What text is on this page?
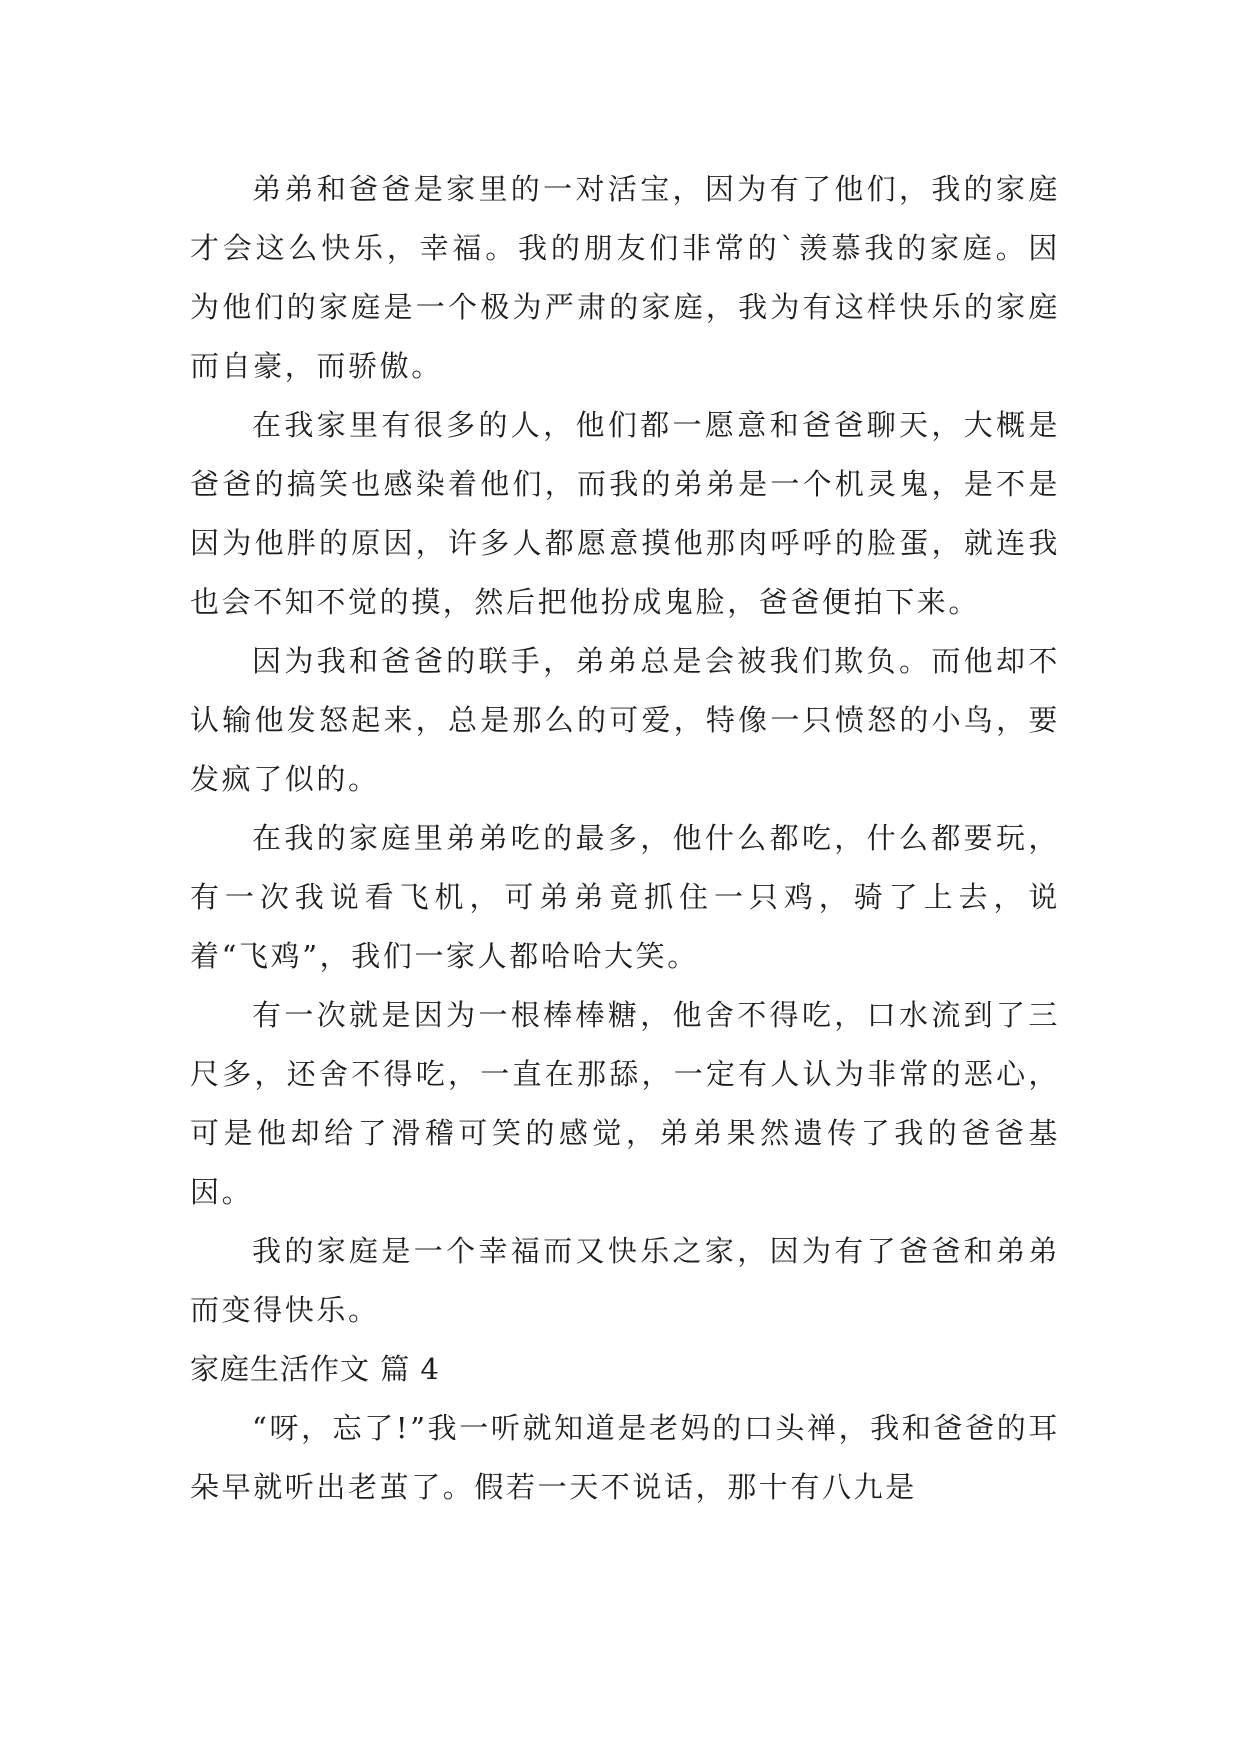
弟弟和爸爸是家里的一对活宝，因为有了他们，我的家庭才会这么快乐，幸福。我的朋友们非常的`羡慕我的家庭。因为他们的家庭是一个极为严肃的家庭，我为有这样快乐的家庭而自豪，而骄傲。

在我家里有很多的人，他们都一愿意和爸爸聊天，大概是爸爸的搞笑也感染着他们，而我的弟弟是一个机灵鬼，是不是因为他胖的原因，许多人都愿意摸他那肉呼呼的脸蛋，就连我也会不知不觉的摸，然后把他扮成鬼脸，爸爸便拍下来。

因为我和爸爸的联手，弟弟总是会被我们欺负。而他却不认输他发怒起来，总是那么的可爱，特像一只愤怒的小鸟，要发疯了似的。

在我的家庭里弟弟吃的最多，他什么都吃，什么都要玩，有一次我说看飞机，可弟弟竟抓住一只鸡，骑了上去，说着“飞鸡”，我们一家人都哈哈大笑。

有一次就是因为一根棒棒糖，他舍不得吃，口水流到了三尺多，还舍不得吃，一直在那舔，一定有人认为非常的恶心，可是他却给了滑稽可笑的感觉，弟弟果然遗传了我的爸爸基因。

我的家庭是一个幸福而又快乐之家，因为有了爸爸和弟弟而变得快乐。

家庭生活作文 篇 4

“呀，忘了!”我一听就知道是老妈的口头禅，我和爸爸的耳朵早就听出老茧了。假若一天不说话，那十有八九是
